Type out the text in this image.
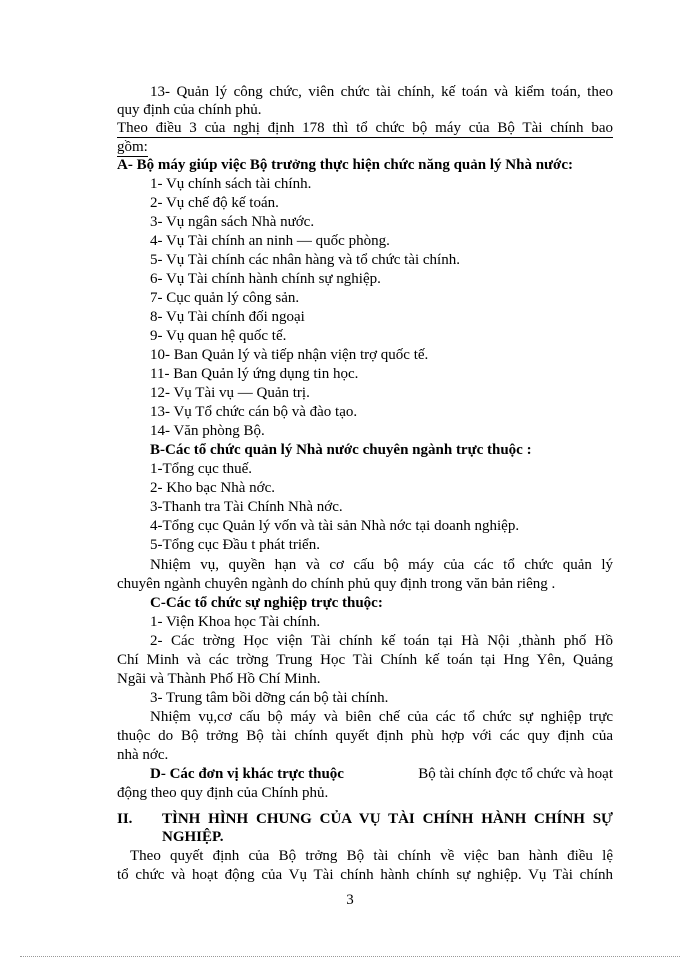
13- Quản lý công chức, viên chức tài chính, kế toán và kiểm toán, theo
quy định của chính phủ.
Theo điều 3 của nghị định 178 thì tổ chức bộ máy của Bộ Tài chính bao
gồm:
A- Bộ máy giúp việc Bộ trưởng thực hiện chức năng quản lý Nhà nước:
1- Vụ chính sách tài chính.
2- Vụ chế độ kế toán.
3- Vụ ngân sách Nhà nước.
4- Vụ Tài chính an ninh — quốc phòng.
5- Vụ Tài chính các nhân hàng và tổ chức tài chính.
6- Vụ Tài chính hành chính sự nghiệp.
7- Cục quản lý công sản.
8- Vụ Tài chính đối ngoại
9- Vụ quan hệ quốc tế.
10- Ban Quản lý và tiếp nhận viện trợ quốc tế.
11- Ban Quản lý ứng dụng tin học.
12- Vụ Tài vụ — Quản trị.
13- Vụ Tổ chức cán bộ và đào tạo.
14- Văn phòng Bộ.
B-Các tổ chức quản lý Nhà nước chuyên ngành trực thuộc :
1-Tổng cục thuế.
2- Kho bạc Nhà nớc.
3-Thanh tra Tài Chính Nhà nớc.
4-Tổng cục Quản lý vốn và tài sản Nhà nớc tại doanh nghiệp.
5-Tổng cục Đầu t phát triển.
Nhiệm vụ, quyền hạn và cơ cấu bộ máy của các tổ chức quản lý
chuyên ngành chuyên ngành do chính phủ quy định trong văn bản riêng .
C-Các tổ chức sự nghiệp trực thuộc:
1- Viện Khoa học Tài chính.
2- Các trờng Học viện Tài chính kế toán tại Hà Nội ,thành phố Hồ
Chí Minh và các trờng Trung Học Tài Chính kế toán tại Hng Yên, Quảng
Ngãi và Thành Phố Hồ Chí Minh.
3- Trung tâm bồi dỡng cán bộ tài chính.
Nhiệm vụ,cơ cấu bộ máy và biên chế của các tổ chức sự nghiệp trực
thuộc do Bộ trởng Bộ tài chính quyết định phù hợp với các quy định của
nhà nớc.
D- Các đơn vị khác trực thuộc	Bộ tài chính đợc tổ chức và hoạt
động theo quy định của Chính phủ.
II. TÌNH HÌNH CHUNG CỦA VỤ TÀI CHÍNH HÀNH CHÍNH SỰ
NGHIỆP.
Theo quyết định của Bộ trởng Bộ tài chính về việc ban hành điều lệ
tổ chức và hoạt động của Vụ Tài chính hành chính sự nghiệp. Vụ Tài chính
3
